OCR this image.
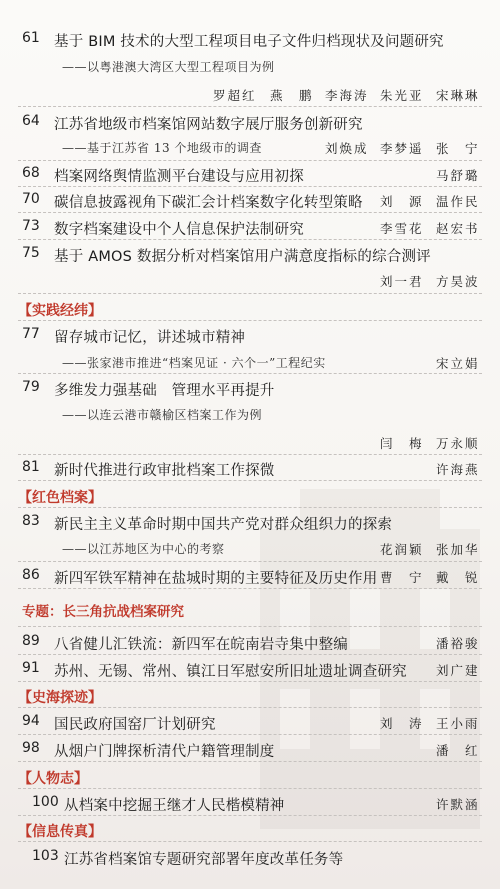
61 基于 BIM 技术的大型工程项目电子文件归档现状及问题研究
——以粤港澳大湾区大型工程项目为例
罗超红 燕　鹏 李海涛 朱光亚 宋琳琳
64 江苏省地级市档案馆网站数字展厅服务创新研究
——基于江苏省 13 个地级市的调查	刘焕成 李梦遥 张　宁
68 档案网络舆情监测平台建设与应用初探	马舒璐
70 碳信息披露视角下碳汇会计档案数字化转型策略 刘　源 温作民
73 数字档案建设中个人信息保护法制研究	李雪花 赵宏书
75 基于 AMOS 数据分析对档案馆用户满意度指标的综合测评
刘一君 方昊波
【实践经纬】
77 留存城市记忆，讲述城市精神
——张家港市推进“档案见证 · 六个一”工程纪实	宋立娟
79 多维发力强基础　管理水平再提升
——以连云港市赣榆区档案工作为例
闫　梅 万永顺
81 新时代推进行政审批档案工作探微	许海燕
【红色档案】
83 新民主主义革命时期中国共产党对群众组织力的探索
——以江苏地区为中心的考察	花润颖 张加华
86 新四军铁军精神在盐城时期的主要特征及历史作用 曹　宁 戴　锐
专题：长三角抗战档案研究
89 八省健儿汇铁流：新四军在皖南岩寺集中整编	潘裕骏
91 苏州、无锡、常州、镇江日军慰安所旧址遗址调查研究 刘广建
【史海探迹】
94 国民政府国窑厂计划研究	刘　涛 王小雨
98 从烟户门牌探析清代户籍管理制度	潘　红
【人物志】
100 从档案中挖掘王继才人民楷模精神	许默涵
【信息传真】
103 江苏省档案馆专题研究部署年度改革任务等
